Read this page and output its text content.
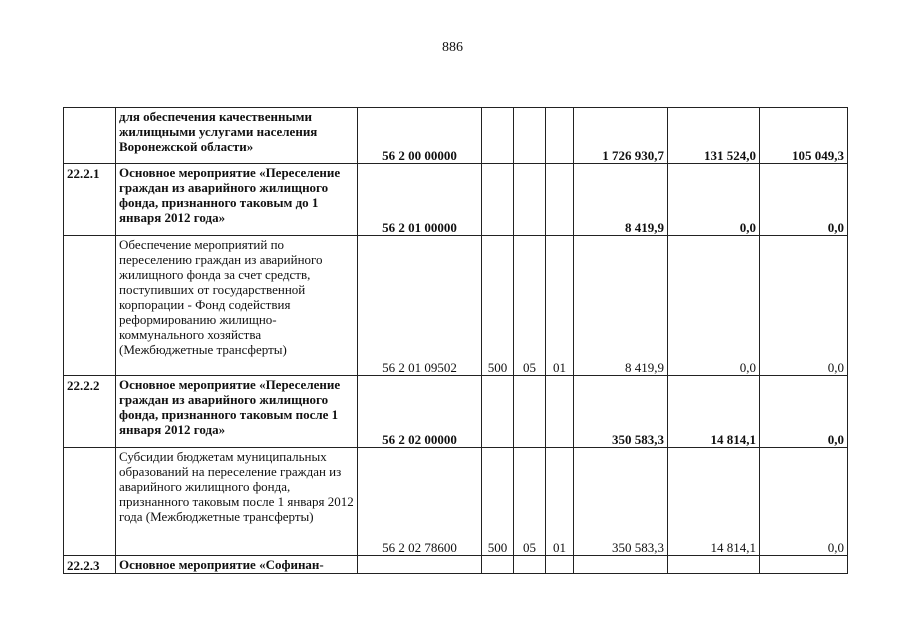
886
	для обеспечения качественными жилищными услугами населения Воронежской области»	56 2 00 00000				1 726 930,7	131 524,0	105 049,3
22.2.1	Основное мероприятие «Переселение граждан из аварийного жилищного фонда, признанного таковым до 1 января 2012 года»	56 2 01 00000				8 419,9	0,0	0,0
	Обеспечение мероприятий по переселению граждан из аварийного жилищного фонда за счет средств, поступивших от государственной корпорации - Фонд содействия реформированию жилищно-коммунального хозяйства (Межбюджетные трансферты)	56 2 01 09502	500	05	01	8 419,9	0,0	0,0
22.2.2	Основное мероприятие «Переселение граждан из аварийного жилищного фонда, признанного таковым после 1 января 2012 года»	56 2 02 00000				350 583,3	14 814,1	0,0
	Субсидии бюджетам муниципальных образований на переселение граждан из аварийного жилищного фонда, признанного таковым после 1 января 2012 года (Межбюджетные трансферты)	56 2 02 78600	500	05	01	350 583,3	14 814,1	0,0
22.2.3	Основное мероприятие «Софинан-							
